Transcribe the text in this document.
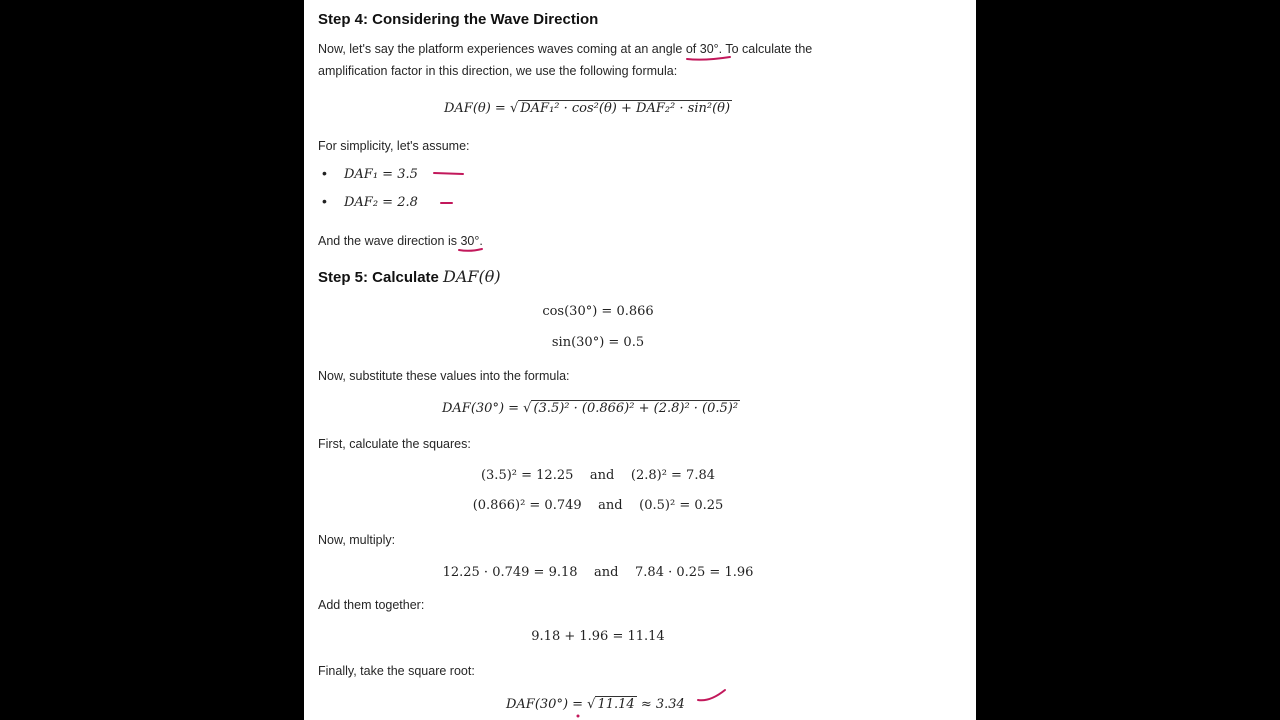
Step 4: Considering the Wave Direction
Now, let's say the platform experiences waves coming at an angle of 30°. To calculate the
amplification factor in this direction, we use the following formula:
DAF(θ) = √ DAF₁² · cos²(θ) + DAF₂² · sin²(θ)
For simplicity, let's assume:
• DAF₁ = 3.5
• DAF₂ = 2.8
And the wave direction is 30°.
Step 5: Calculate DAF(θ)
cos(30°) = 0.866
sin(30°) = 0.5
Now, substitute these values into the formula:
DAF(30°) = √ (3.5)² · (0.866)² + (2.8)² · (0.5)²
First, calculate the squares:
(3.5)² = 12.25    and    (2.8)² = 7.84
(0.866)² = 0.749    and    (0.5)² = 0.25
Now, multiply:
12.25 · 0.749 = 9.18    and    7.84 · 0.25 = 1.96
Add them together:
9.18 + 1.96 = 11.14
Finally, take the square root:
DAF(30°) = √ 11.14 ≈ 3.34
